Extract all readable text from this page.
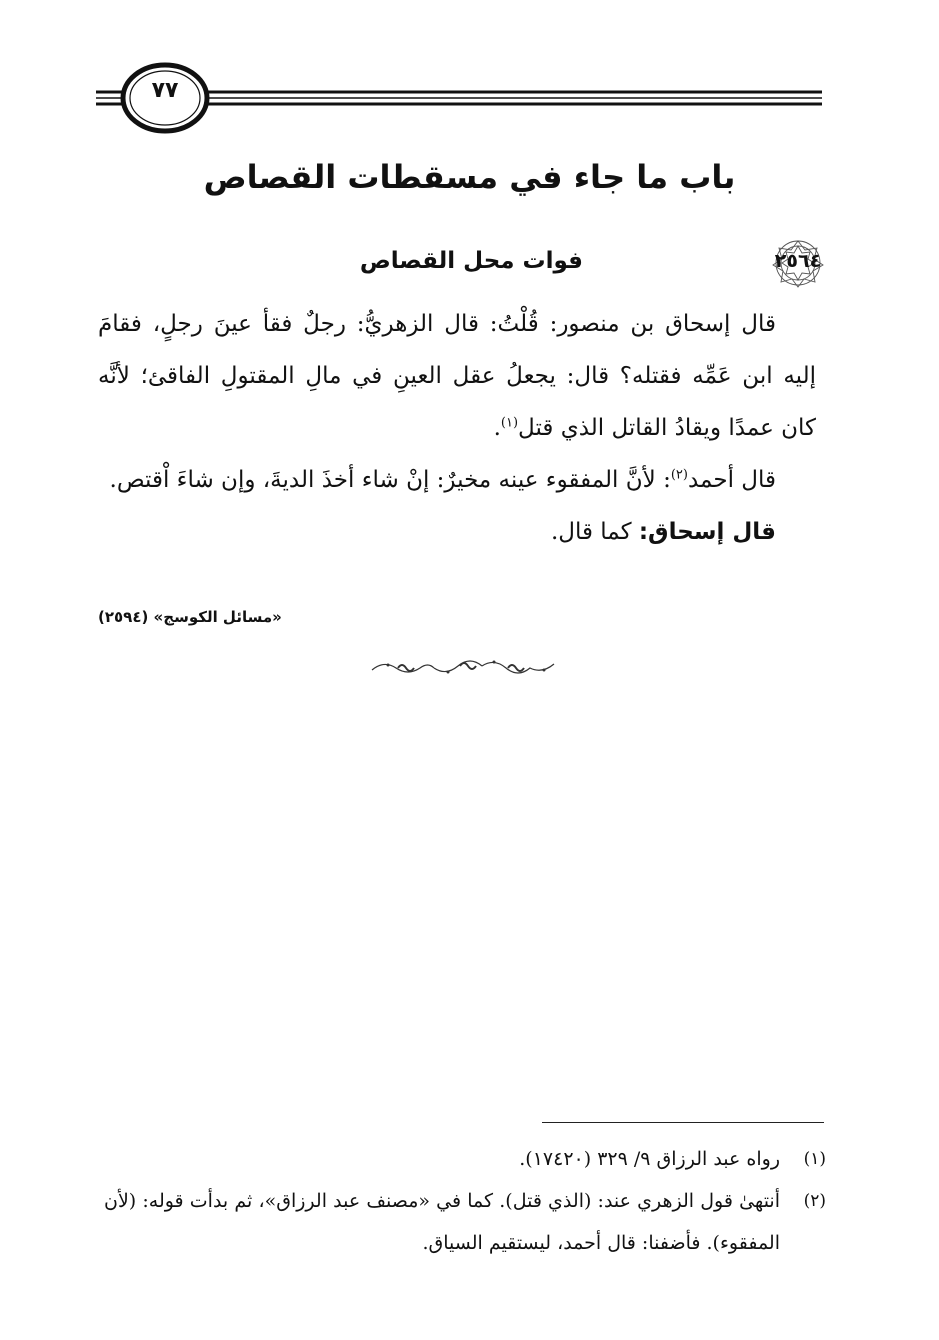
٧٧
باب ما جاء في مسقطات القصاص
٢٥٦٤
فوات محل القصاص

قال إسحاق بن منصور: قُلْتُ: قال الزهريُّ: رجلٌ فقأ عينَ رجلٍ، فقامَ إليه ابن عَمِّه فقتله؟ قال: يجعلُ عقل العينِ في مالِ المقتولِ الفاقئ؛ لأنَّه كان عمدًا ويقادُ القاتل الذي قتل$^{(١)}$.

قال أحمد$^{(٢)}$: لأنَّ المفقوء عينه مخيرٌ: إنْ شاء أخذَ الديةَ، وإن شاءَ اْقتص.

قال إسحاق: كما قال.

«مسائل الكوسج» (٢٥٩٤)
(١)
رواه عبد الرزاق ٩/ ٣٢٩ (١٧٤٢٠).
(٢)
أنتهىٰ قول الزهري عند: (الذي قتل). كما في «مصنف عبد الرزاق»، ثم بدأت قوله: (لأن المفقوء). فأضفنا: قال أحمد، ليستقيم السياق.
